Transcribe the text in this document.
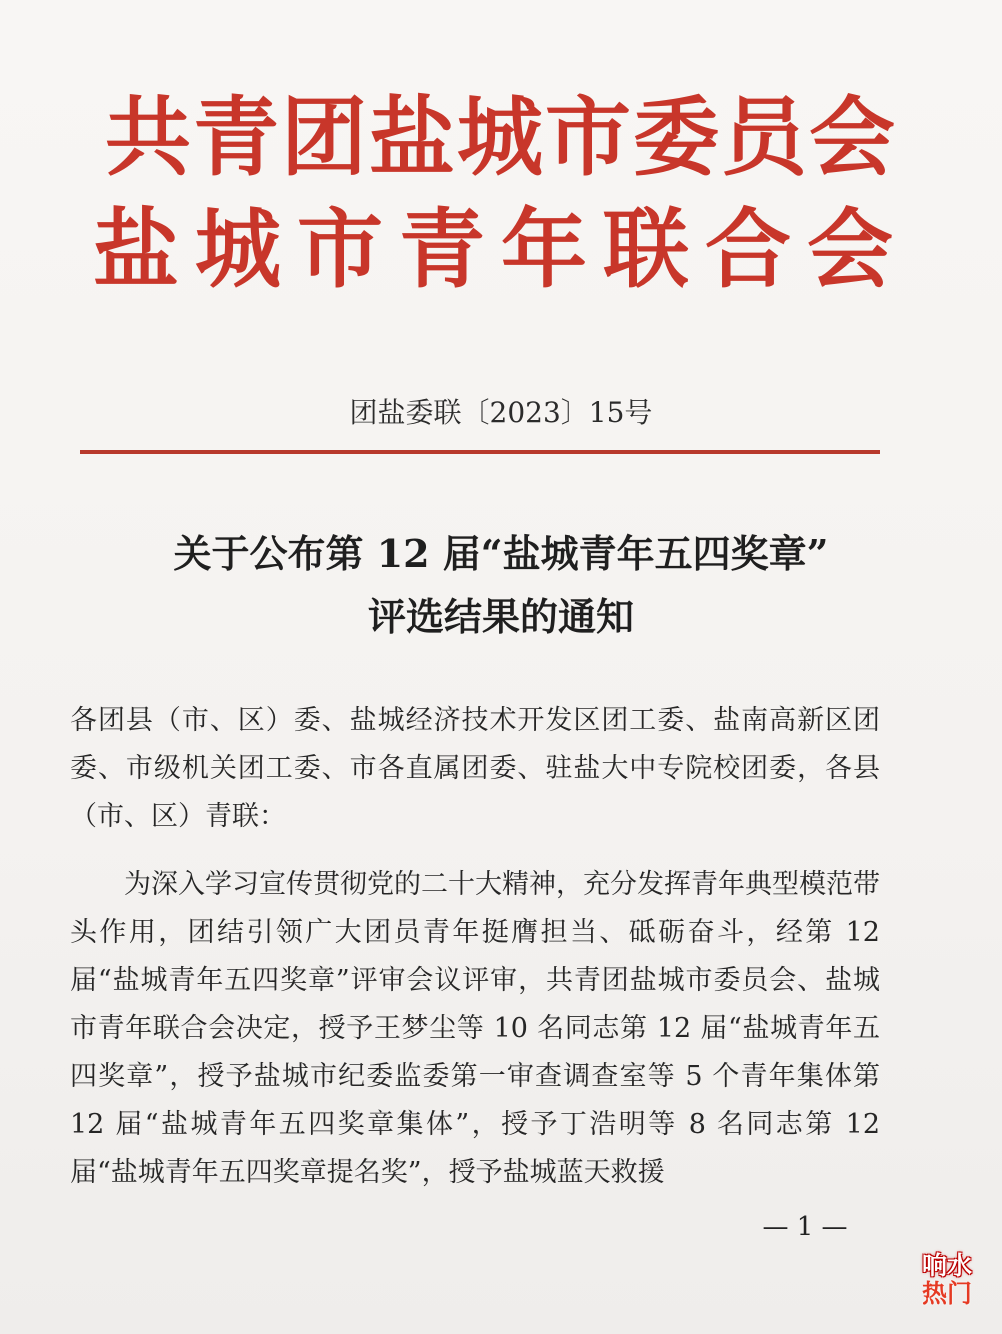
共青团盐城市委员会
盐城市青年联合会
团盐委联〔2023〕15号
关于公布第 12 届“盐城青年五四奖章”
评选结果的通知
各团县（市、区）委、盐城经济技术开发区团工委、盐南高新区团委、市级机关团工委、市各直属团委、驻盐大中专院校团委，各县（市、区）青联：
为深入学习宣传贯彻党的二十大精神，充分发挥青年典型模范带头作用，团结引领广大团员青年挺膺担当、砥砺奋斗，经第 12 届“盐城青年五四奖章”评审会议评审，共青团盐城市委员会、盐城市青年联合会决定，授予王梦尘等 10 名同志第 12 届“盐城青年五四奖章”，授予盐城市纪委监委第一审查调查室等 5 个青年集体第 12 届“盐城青年五四奖章集体”，授予丁浩明等 8 名同志第 12 届“盐城青年五四奖章提名奖”，授予盐城蓝天救援
— 1 —
响水
热门
